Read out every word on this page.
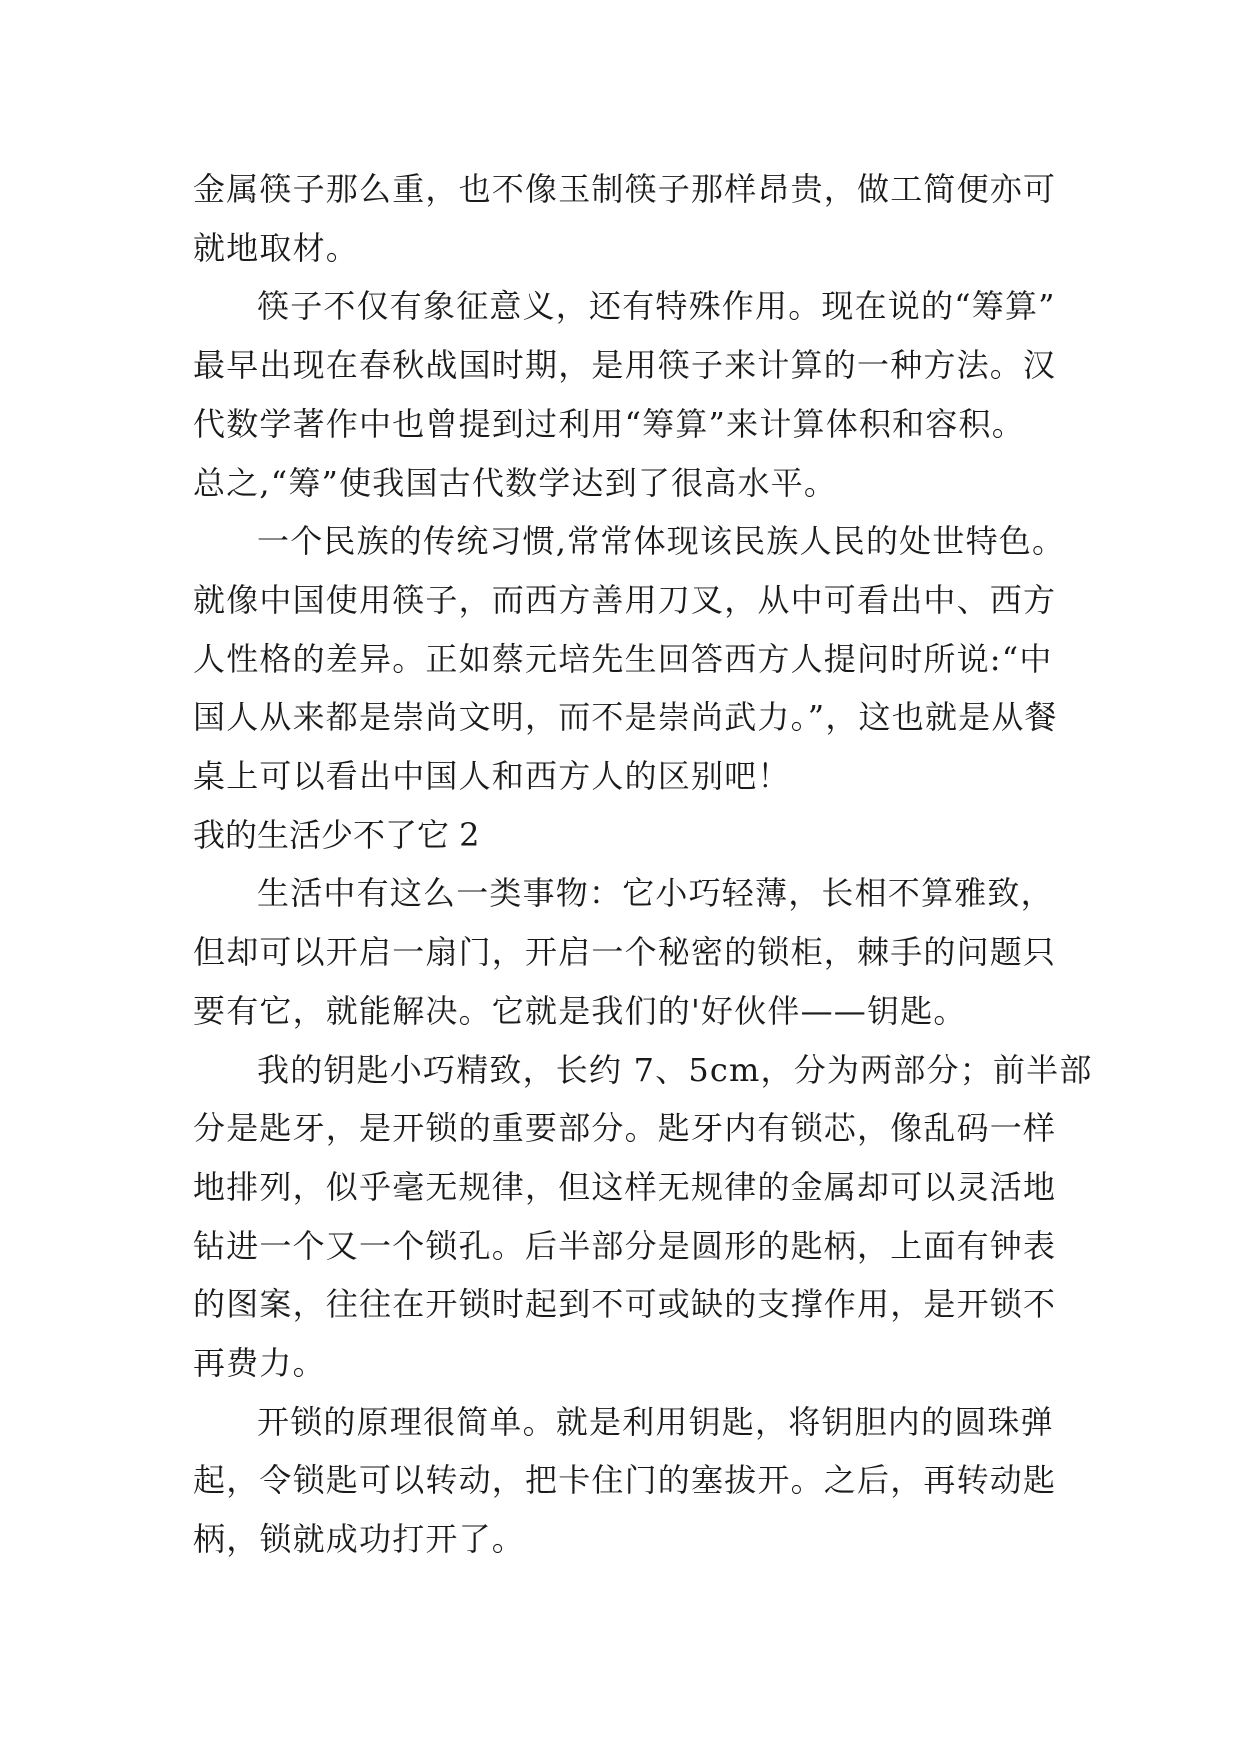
金属筷子那么重，也不像玉制筷子那样昂贵，做工简便亦可

就地取材。

筷子不仅有象征意义，还有特殊作用。现在说的“筹算”

最早出现在春秋战国时期，是用筷子来计算的一种方法。汉

代数学著作中也曾提到过利用“筹算”来计算体积和容积。

总之,“筹”使我国古代数学达到了很高水平。

一个民族的传统习惯,常常体现该民族人民的处世特色。

就像中国使用筷子，而西方善用刀叉，从中可看出中、西方

人性格的差异。正如蔡元培先生回答西方人提问时所说:“中

国人从来都是崇尚文明，而不是崇尚武力。”，这也就是从餐

桌上可以看出中国人和西方人的区别吧！

我的生活少不了它 2

生活中有这么一类事物：它小巧轻薄，长相不算雅致，

但却可以开启一扇门，开启一个秘密的锁柜，棘手的问题只

要有它，就能解决。它就是我们的'好伙伴——钥匙。

我的钥匙小巧精致，长约 7、5cm，分为两部分；前半部

分是匙牙，是开锁的重要部分。匙牙内有锁芯，像乱码一样

地排列，似乎毫无规律，但这样无规律的金属却可以灵活地

钻进一个又一个锁孔。后半部分是圆形的匙柄，上面有钟表

的图案，往往在开锁时起到不可或缺的支撑作用，是开锁不

再费力。

开锁的原理很简单。就是利用钥匙，将钥胆内的圆珠弹

起，令锁匙可以转动，把卡住门的塞拔开。之后，再转动匙

柄，锁就成功打开了。
